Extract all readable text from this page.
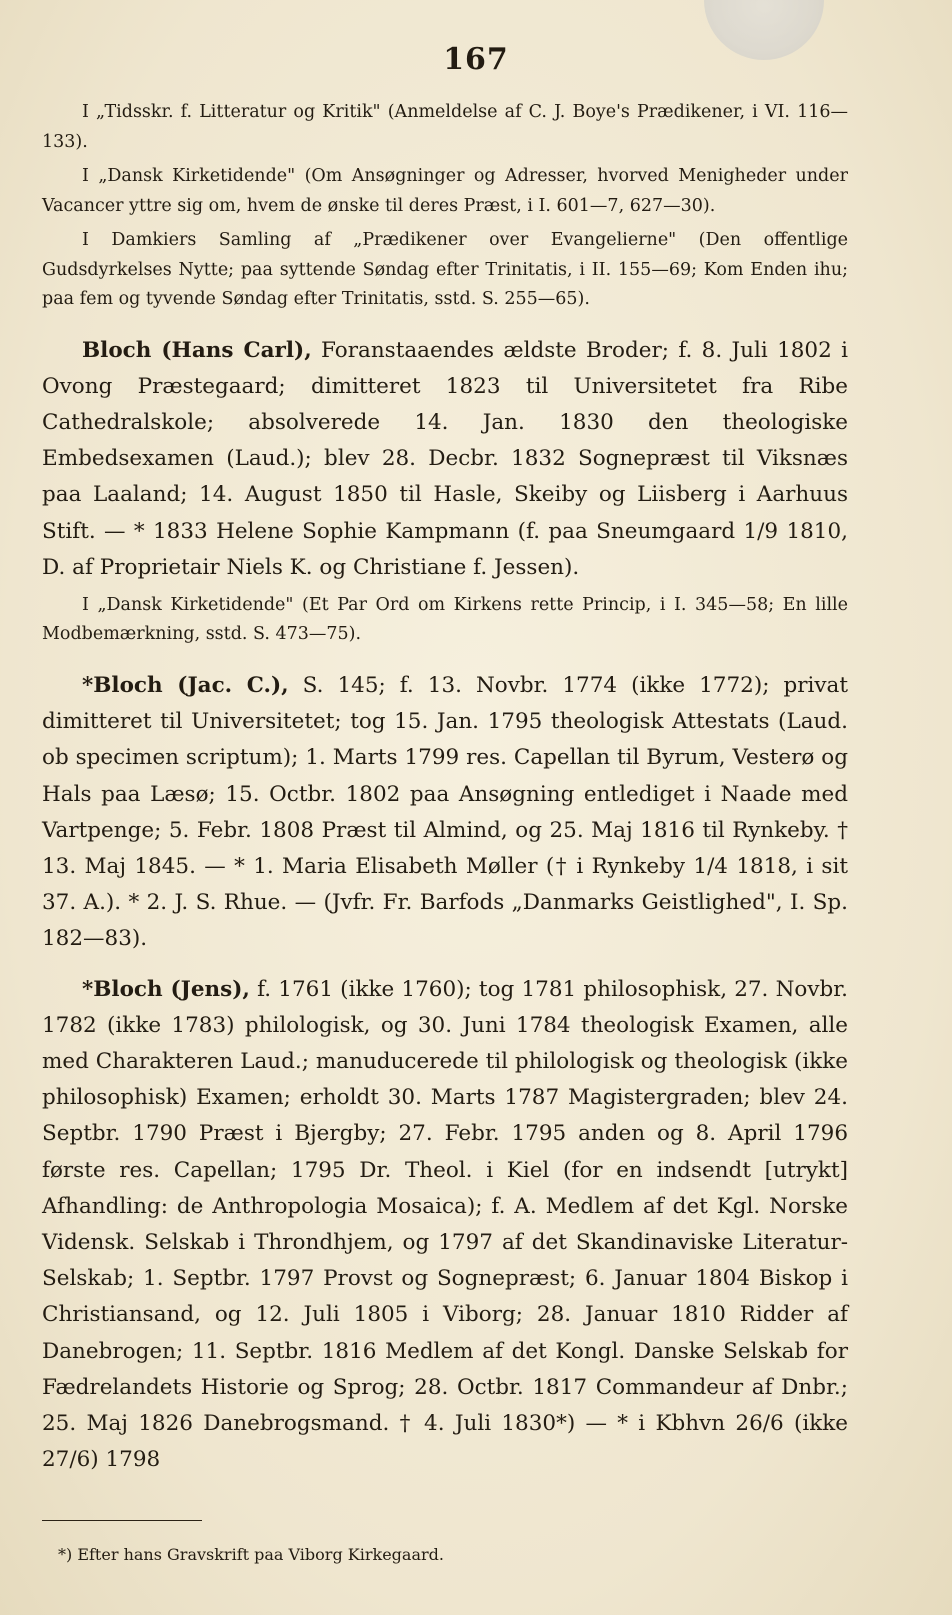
167

I „Tidsskr. f. Litteratur og Kritik" (Anmeldelse af C. J. Boye's Prædikener, i VI. 116—133).

I „Dansk Kirketidende" (Om Ansøgninger og Adresser, hvorved Menigheder under Vacancer yttre sig om, hvem de ønske til deres Præst, i I. 601—7, 627—30).

I Damkiers Samling af „Prædikener over Evangelierne" (Den offentlige Gudsdyrkelses Nytte; paa syttende Søndag efter Trinitatis, i II. 155—69; Kom Enden ihu; paa fem og tyvende Søndag efter Trinitatis, sstd. S. 255—65).

Bloch (Hans Carl), Foranstaaendes ældste Broder; f. 8. Juli 1802 i Ovong Præstegaard; dimitteret 1823 til Universitetet fra Ribe Cathedralskole; absolverede 14. Jan. 1830 den theologiske Embedsexamen (Laud.); blev 28. Decbr. 1832 Sognepræst til Viksnæs paa Laaland; 14. August 1850 til Hasle, Skeiby og Liisberg i Aarhuus Stift. — * 1833 Helene Sophie Kampmann (f. paa Sneumgaard 1/9 1810, D. af Proprietair Niels K. og Christiane f. Jessen).

I „Dansk Kirketidende" (Et Par Ord om Kirkens rette Princip, i I. 345—58; En lille Modbemærkning, sstd. S. 473—75).

*Bloch (Jac. C.), S. 145; f. 13. Novbr. 1774 (ikke 1772); privat dimitteret til Universitetet; tog 15. Jan. 1795 theologisk Attestats (Laud. ob specimen scriptum); 1. Marts 1799 res. Capellan til Byrum, Vesterø og Hals paa Læsø; 15. Octbr. 1802 paa Ansøgning entlediget i Naade med Vartpenge; 5. Febr. 1808 Præst til Almind, og 25. Maj 1816 til Rynkeby. † 13. Maj 1845. — * 1. Maria Elisabeth Møller († i Rynkeby 1/4 1818, i sit 37. A.). * 2. J. S. Rhue. — (Jvfr. Fr. Barfods „Danmarks Geistlighed", I. Sp. 182—83).

*Bloch (Jens), f. 1761 (ikke 1760); tog 1781 philosophisk, 27. Novbr. 1782 (ikke 1783) philologisk, og 30. Juni 1784 theologisk Examen, alle med Charakteren Laud.; manuducerede til philologisk og theologisk (ikke philosophisk) Examen; erholdt 30. Marts 1787 Magistergraden; blev 24. Septbr. 1790 Præst i Bjergby; 27. Febr. 1795 anden og 8. April 1796 første res. Capellan; 1795 Dr. Theol. i Kiel (for en indsendt [utrykt] Afhandling: de Anthropologia Mosaica); f. A. Medlem af det Kgl. Norske Vidensk. Selskab i Throndhjem, og 1797 af det Skandinaviske Literatur-Selskab; 1. Septbr. 1797 Provst og Sognepræst; 6. Januar 1804 Biskop i Christiansand, og 12. Juli 1805 i Viborg; 28. Januar 1810 Ridder af Danebrogen; 11. Septbr. 1816 Medlem af det Kongl. Danske Selskab for Fædrelandets Historie og Sprog; 28. Octbr. 1817 Commandeur af Dnbr.; 25. Maj 1826 Danebrogsmand. † 4. Juli 1830*) — * i Kbhvn 26/6 (ikke 27/6) 1798

*) Efter hans Gravskrift paa Viborg Kirkegaard.
